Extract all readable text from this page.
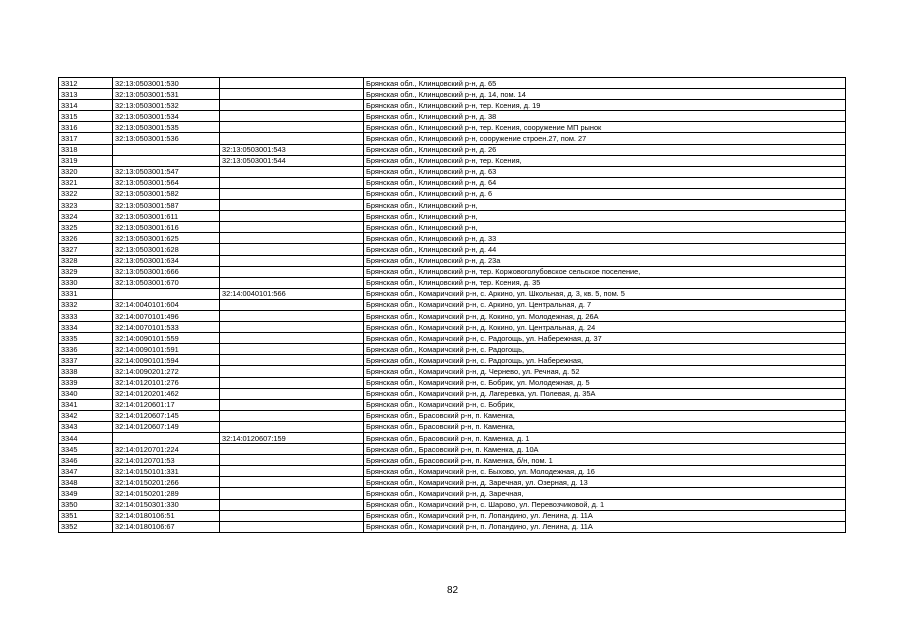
3312	32:13:0503001:530		Брянская обл., Клинцовский р-н, д. 65
3313	32:13:0503001:531		Брянская обл., Клинцовский р-н, д. 14, пом. 14
3314	32:13:0503001:532		Брянская обл., Клинцовский р-н, тер. Ксения, д. 19
3315	32:13:0503001:534		Брянская обл., Клинцовский р-н, д. 38
3316	32:13:0503001:535		Брянская обл., Клинцовский р-н, тер. Ксения, сооружение МП рынок
3317	32:13:0503001:536		Брянская обл., Клинцовский р-н, сооружение строен.27, пом. 27
3318		32:13:0503001:543	Брянская обл., Клинцовский р-н, д. 26
3319		32:13:0503001:544	Брянская обл., Клинцовский р-н, тер. Ксения,
3320	32:13:0503001:547		Брянская обл., Клинцовский р-н, д. 63
3321	32:13:0503001:564		Брянская обл., Клинцовский р-н, д. 64
3322	32:13:0503001:582		Брянская обл., Клинцовский р-н, д. 6
3323	32:13:0503001:587		Брянская обл., Клинцовский р-н,
3324	32:13:0503001:611		Брянская обл., Клинцовский р-н,
3325	32:13:0503001:616		Брянская обл., Клинцовский р-н,
3326	32:13:0503001:625		Брянская обл., Клинцовский р-н, д. 33
3327	32:13:0503001:628		Брянская обл., Клинцовский р-н, д. 44
3328	32:13:0503001:634		Брянская обл., Клинцовский р-н, д. 23а
3329	32:13:0503001:666		Брянская обл., Клинцовский р-н, тер. Коржовоголубовское сельское поселение,
3330	32:13:0503001:670		Брянская обл., Клинцовский р-н, тер. Ксения, д. 35
3331		32:14:0040101:566	Брянская обл., Комаричский р-н, с. Аркино, ул. Школьная, д. 3, кв. 5, пом. 5
3332	32:14:0040101:604		Брянская обл., Комаричский р-н, с. Аркино, ул. Центральная, д. 7
3333	32:14:0070101:496		Брянская обл., Комаричский р-н, д. Кокино, ул. Молодежная, д. 26А
3334	32:14:0070101:533		Брянская обл., Комаричский р-н, д. Кокино, ул. Центральная, д. 24
3335	32:14:0090101:559		Брянская обл., Комаричский р-н, с. Радогощь, ул. Набережная, д. 37
3336	32:14:0090101:591		Брянская обл., Комаричский р-н, с. Радогощь,
3337	32:14:0090101:594		Брянская обл., Комаричский р-н, с. Радогощь, ул. Набережная,
3338	32:14:0090201:272		Брянская обл., Комаричский р-н, д. Чернево, ул. Речная, д. 52
3339	32:14:0120101:276		Брянская обл., Комаричский р-н, с. Бобрик, ул. Молодежная, д. 5
3340	32:14:0120201:462		Брянская обл., Комаричский р-н, д. Лагеревка, ул. Полевая, д. 35А
3341	32:14:0120601:17		Брянская обл., Комаричский р-н, с. Бобрик,
3342	32:14:0120607:145		Брянская обл., Брасовский р-н, п. Каменка,
3343	32:14:0120607:149		Брянская обл., Брасовский р-н, п. Каменка,
3344		32:14:0120607:159	Брянская обл., Брасовский р-н, п. Каменка, д. 1
3345	32:14:0120701:224		Брянская обл., Брасовский р-н, п. Каменка, д. 10А
3346	32:14:0120701:53		Брянская обл., Брасовский р-н, п. Каменка, б/н, пом. 1
3347	32:14:0150101:331		Брянская обл., Комаричский р-н, с. Быхово, ул. Молодежная, д. 16
3348	32:14:0150201:266		Брянская обл., Комаричский р-н, д. Заречная, ул. Озерная, д. 13
3349	32:14:0150201:289		Брянская обл., Комаричский р-н, д. Заречная,
3350	32:14:0150301:330		Брянская обл., Комаричский р-н, с. Шарово, ул. Перевозчиковой, д. 1
3351	32:14:0180106:51		Брянская обл., Комаричский р-н, п. Лопандино, ул. Ленина, д. 11А
3352	32:14:0180106:67		Брянская обл., Комаричский р-н, п. Лопандино, ул. Ленина, д. 11А
82
